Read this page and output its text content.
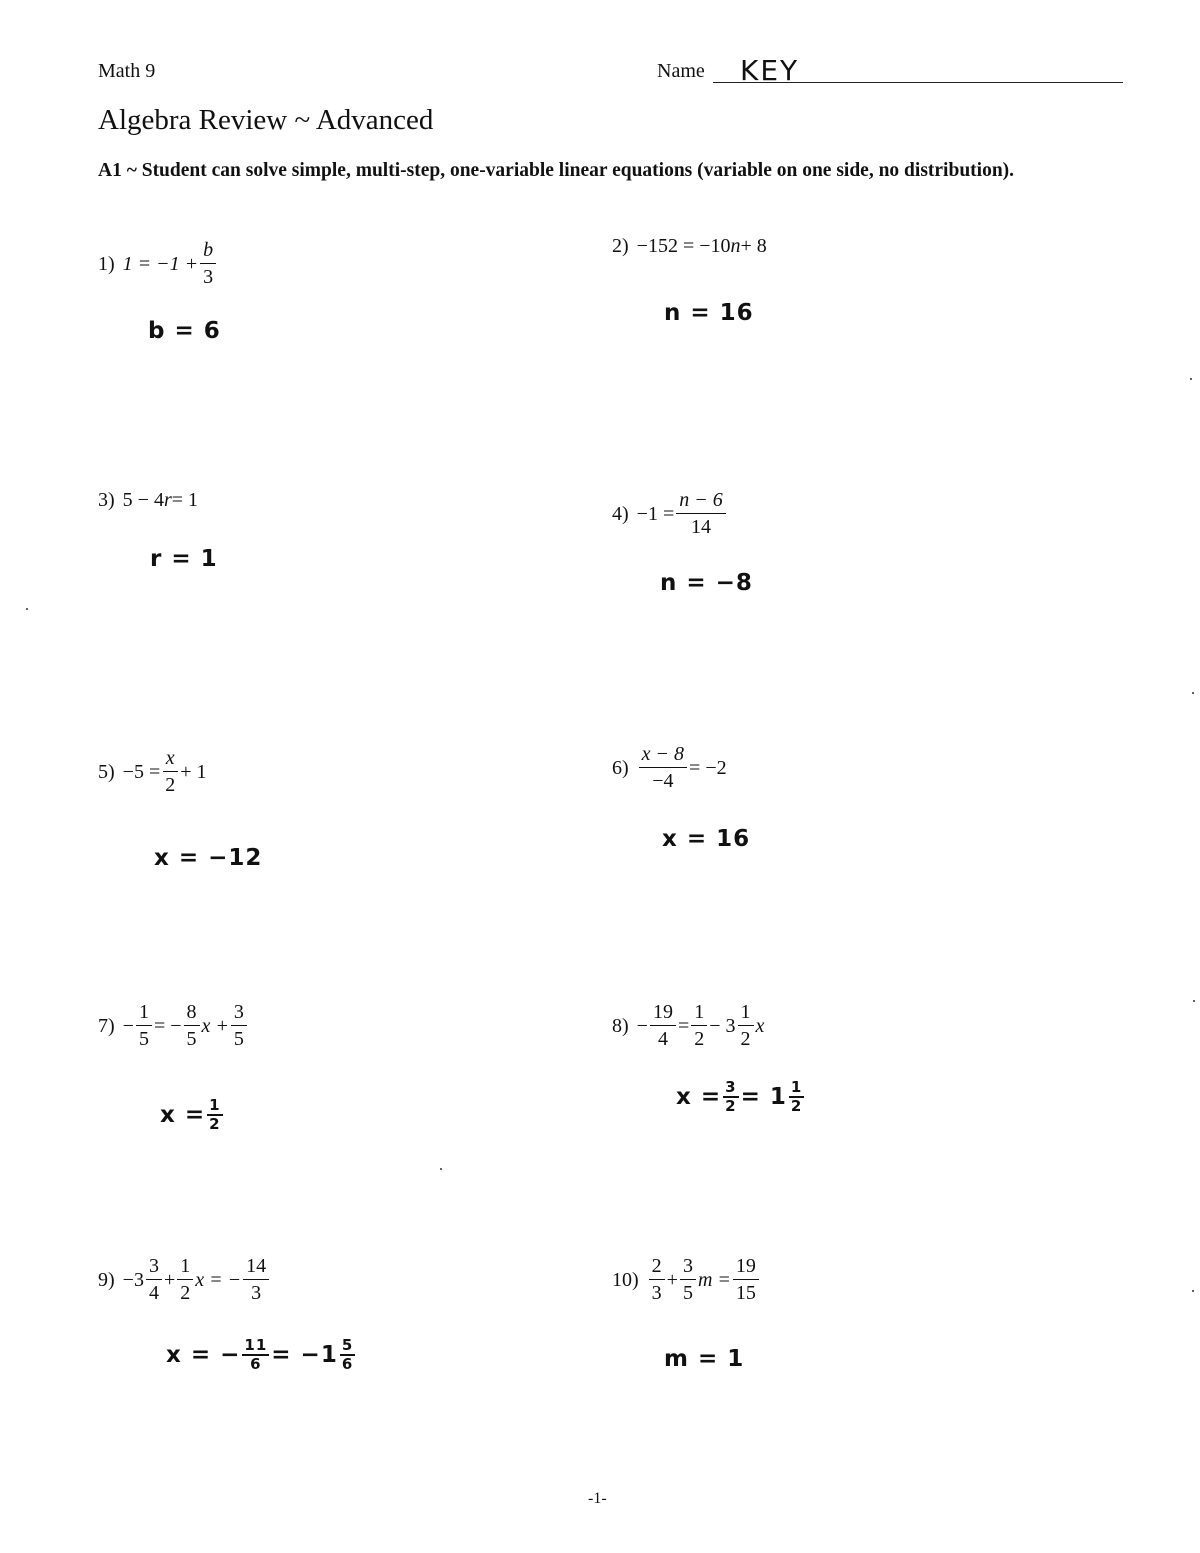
Math 9	Name KEY
Algebra Review ~ Advanced
A1 ~ Student can solve simple, multi-step, one-variable linear equations (variable on one side, no distribution).
1) $1 = -1 + \frac{b}{3}$
b = 6
2) −152 = −10 n + 8
n = 16
3) 5 − 4 r = 1
r = 1
$4) -1 = \frac{n - 6}{14}$
n = −8
$5) -5 = \frac{x}{2} + 1$
x = −12
$6) \frac{x - 8}{-4} = -2$
x = 16
$7) - \frac{1}{5}$ = − $\frac{8}{5}$ $x + \frac{3}{5}$
$x = \frac{1}{2}$
$8) - \frac{19}{4} = \frac{1}{2} - 3 \frac{1}{2}$ x
$x = \frac{3}{2} = 1 \frac{1}{2}$
$9) -3 \frac{3}{4} + \frac{1}{2}$ x = − $\frac{14}{3}$
x = − $\frac{11}{6} = -1 \frac{5}{6}$
$10) \frac{2}{3} + \frac{3}{5}$ $m = \frac{19}{15}$
m = 1
-1-
